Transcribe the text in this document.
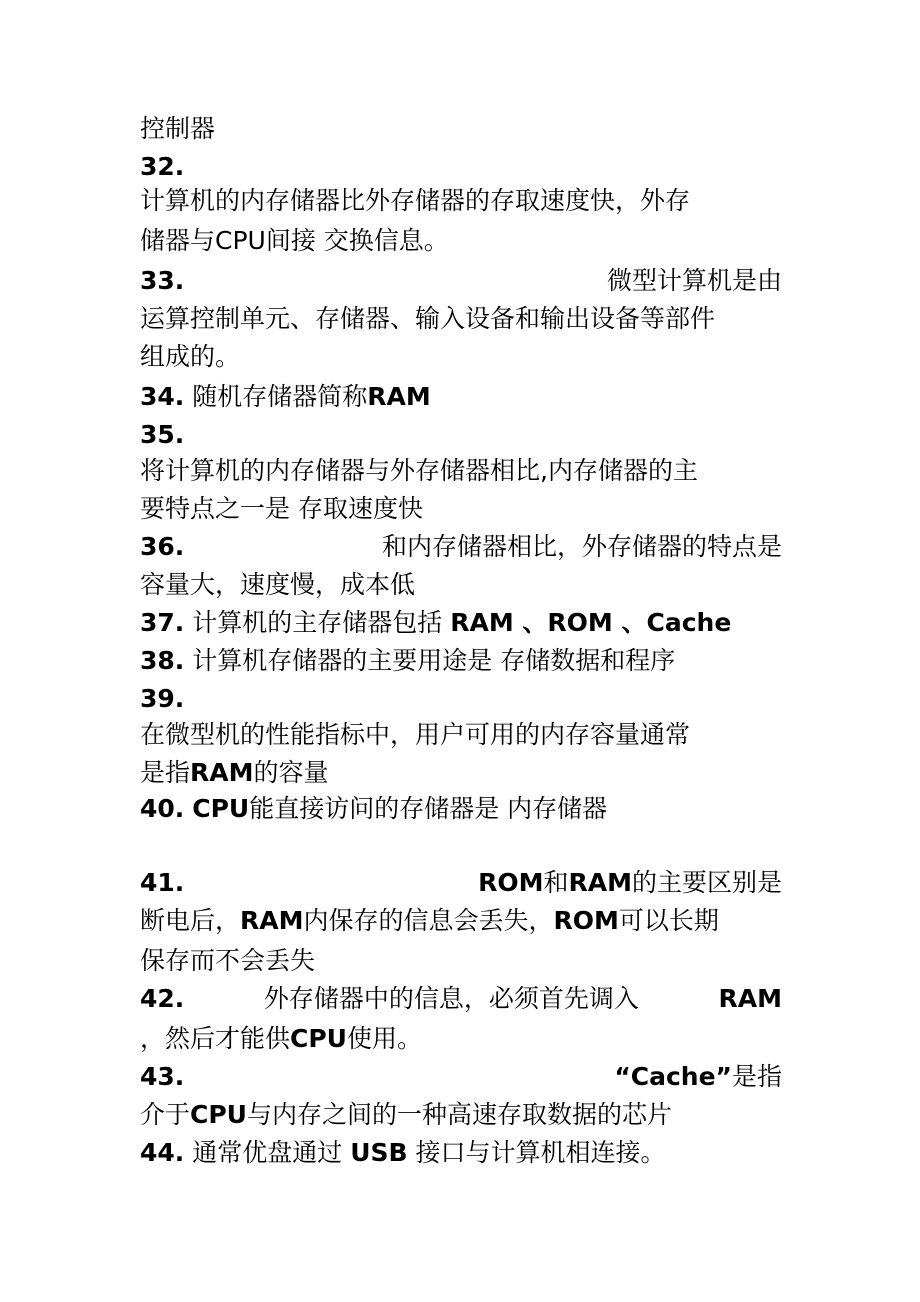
控制器
32.
计算机的内存储器比外存储器的存取速度快，外存
储器与CPU间接 交换信息。
33.	微型计算机是由
运算控制单元、存储器、输入设备和输出设备等部件
组成的。
34. 随机存储器简称RAM
35.
将计算机的内存储器与外存储器相比,内存储器的主
要特点之一是 存取速度快
36.	和内存储器相比，外存储器的特点是
容量大，速度慢，成本低
37. 计算机的主存储器包括 RAM 、ROM 、Cache
38. 计算机存储器的主要用途是 存储数据和程序
39.
在微型机的性能指标中，用户可用的内存容量通常
是指RAM的容量
40. CPU能直接访问的存储器是 内存储器
41.	ROM和RAM的主要区别是
断电后，RAM内保存的信息会丢失，ROM可以长期
保存而不会丢失
42.	外存储器中的信息，必须首先调入	RAM
，然后才能供CPU使用。
43.	“Cache”是指
介于CPU与内存之间的一种高速存取数据的芯片
44. 通常优盘通过 USB 接口与计算机相连接。
